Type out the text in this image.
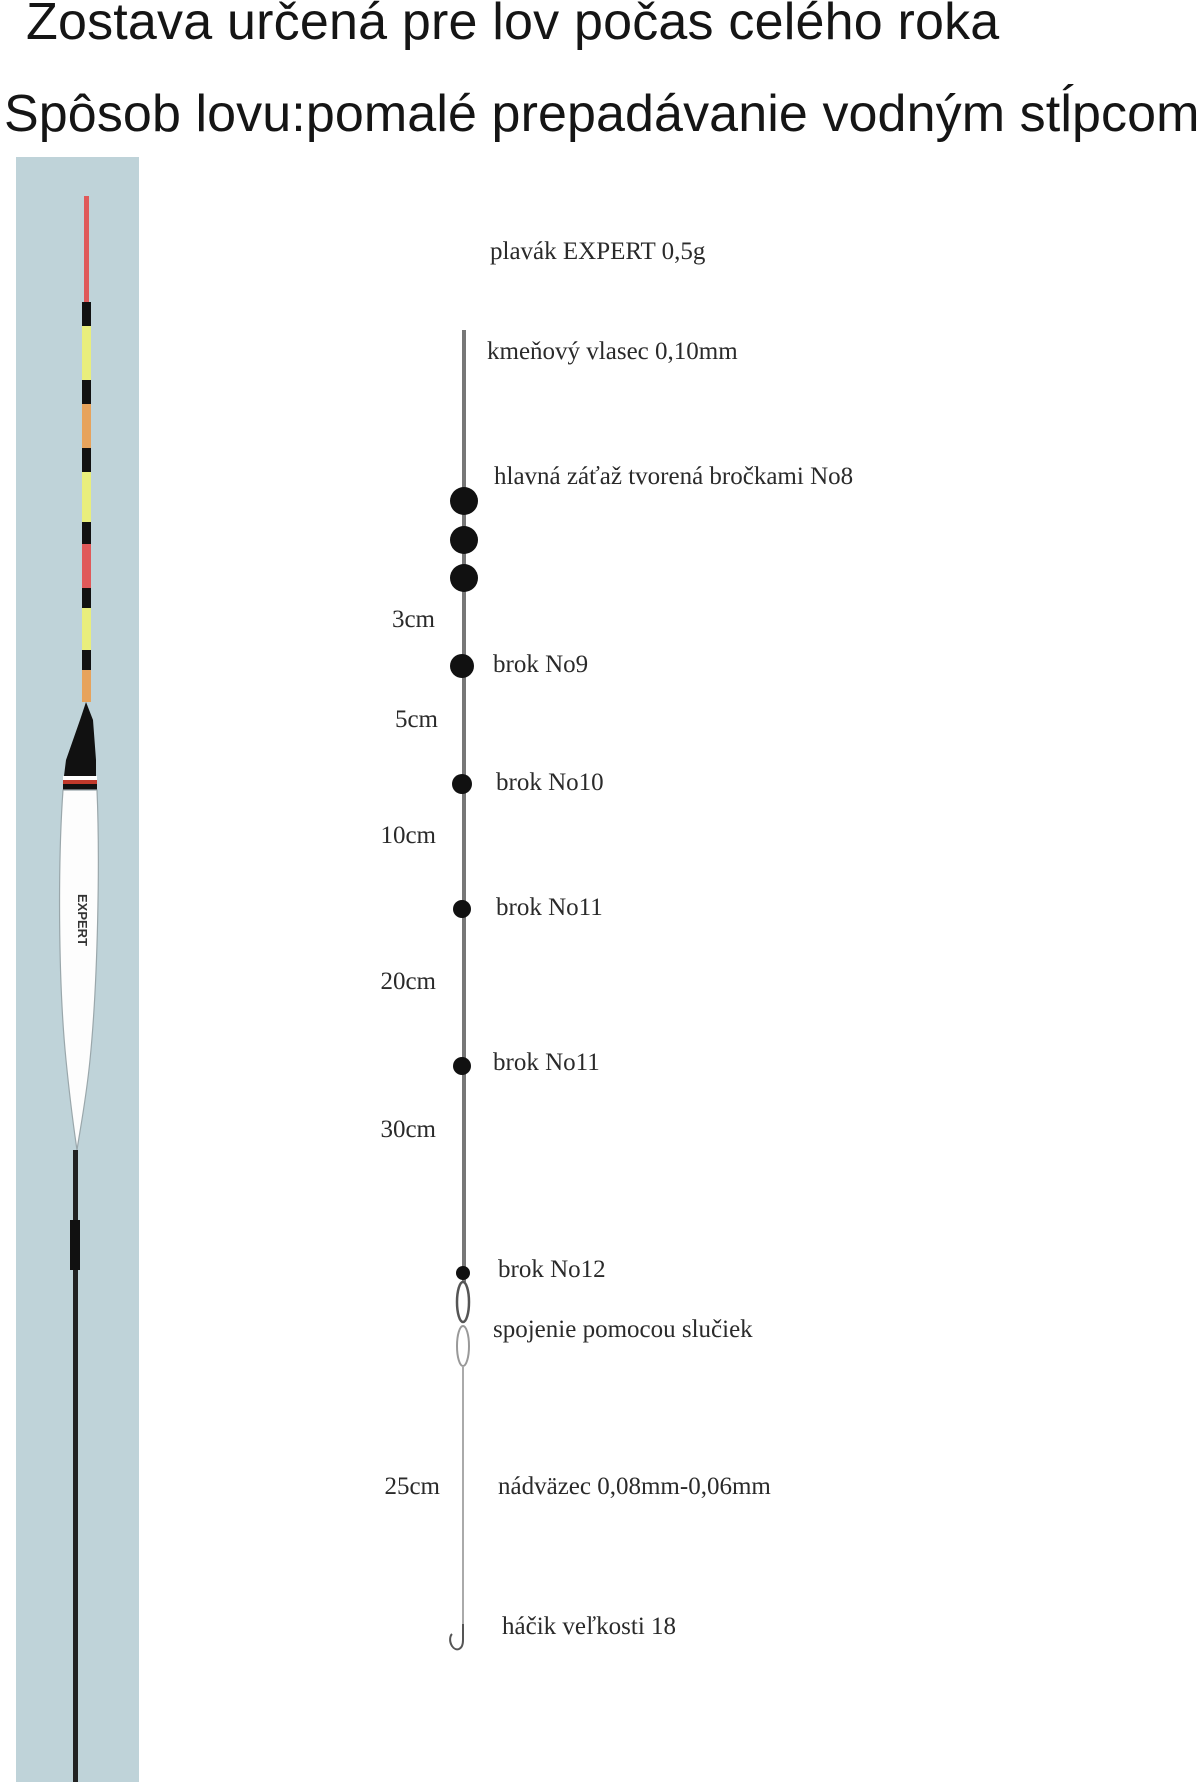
Zostava určená pre lov počas celého roka
Spôsob lovu:pomalé prepadávanie vodným stĺpcom
EXPERT
plavák EXPERT 0,5g
kmeňový vlasec 0,10mm
hlavná záťaž tvorená bročkami No8
brok No9
brok No10
brok No11
brok No11
brok No12
3cm
5cm
10cm
20cm
30cm
25cm
spojenie pomocou slučiek
nádväzec 0,08mm-0,06mm
háčik veľkosti 18
